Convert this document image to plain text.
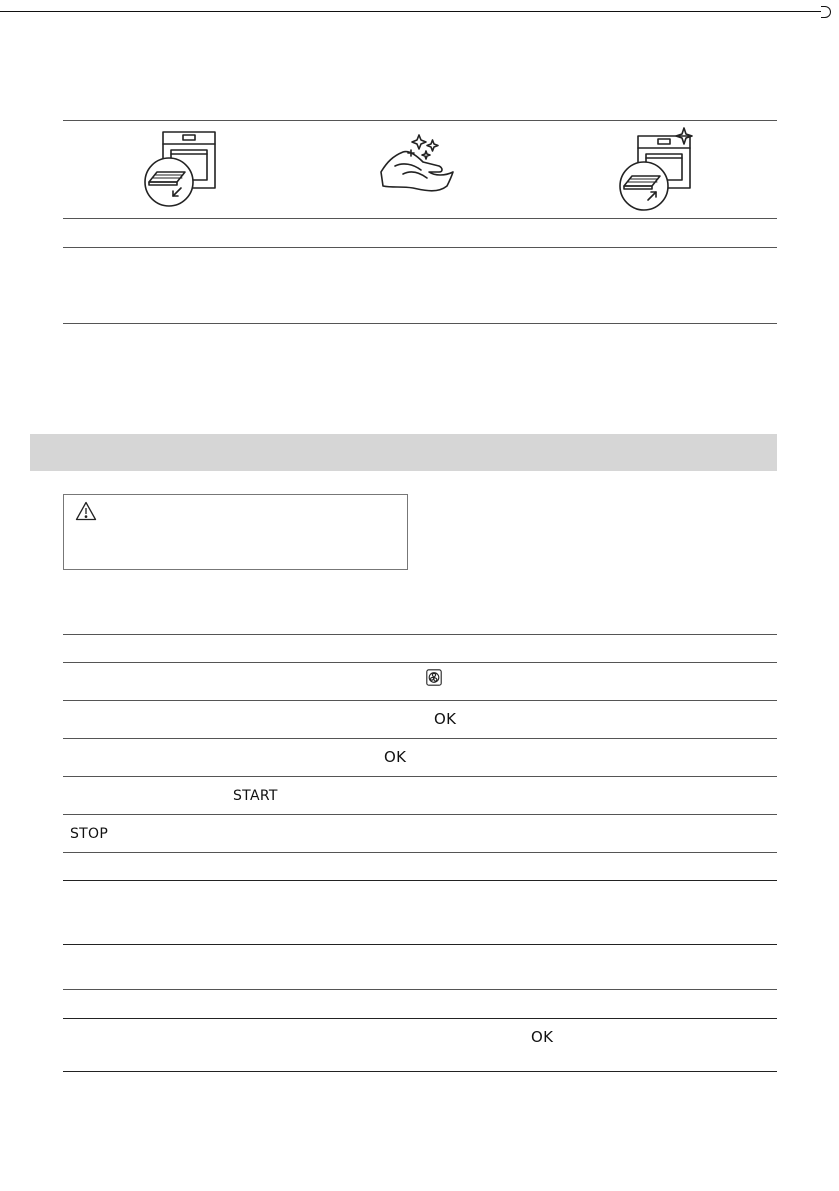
OK
OK
START
STOP
OK
